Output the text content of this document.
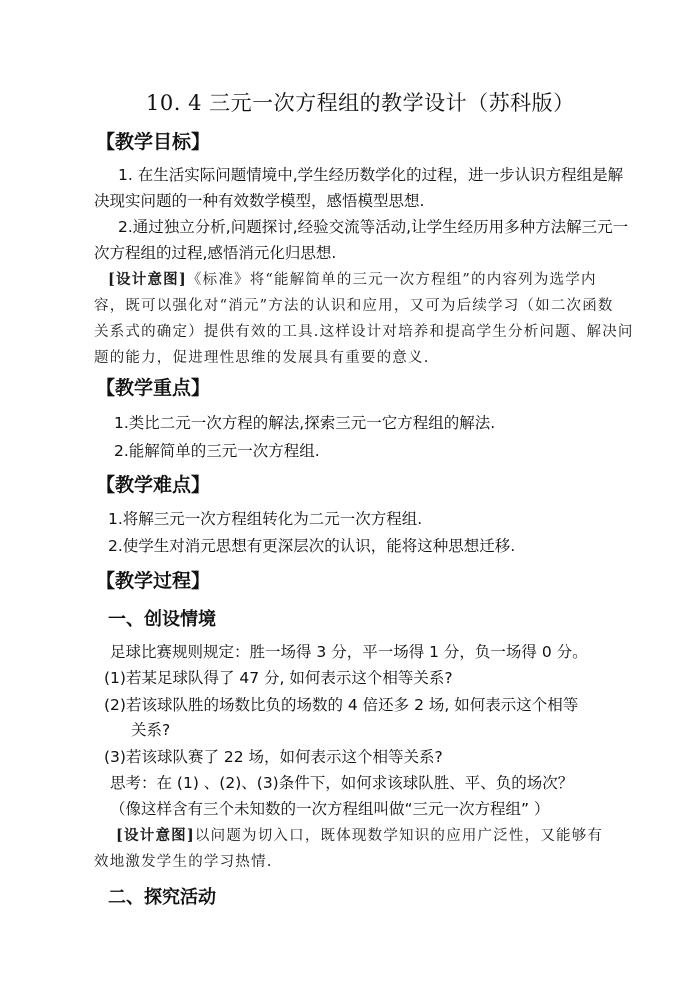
10. 4 三元一次方程组的教学设计（苏科版）
【教学目标】
1. 在生活实际问题情境中,学生经历数学化的过程，进一步认识方程组是解
决现实问题的一种有效数学模型，感悟模型思想.
2.通过独立分析,问题探讨,经验交流等活动,让学生经历用多种方法解三元一
次方程组的过程,感悟消元化归思想.
[设计意图]《标准》将“能解简单的三元一次方程组”的内容列为选学内
容，既可以强化对“消元”方法的认识和应用，又可为后续学习（如二次函数
关系式的确定）提供有效的工具.这样设计对培养和提高学生分析问题、解决问
题的能力，促进理性思维的发展具有重要的意义.
【教学重点】
1.类比二元一次方程的解法,探索三元一它方程组的解法.
2.能解简单的三元一次方程组.
【教学难点】
1.将解三元一次方程组转化为二元一次方程组.
2.使学生对消元思想有更深层次的认识，能将这种思想迁移.
【教学过程】
一、创设情境
足球比赛规则规定：胜一场得 3 分，平一场得 1 分，负一场得 0 分。
(1)若某足球队得了 47 分, 如何表示这个相等关系?
(2)若该球队胜的场数比负的场数的 4 倍还多 2 场, 如何表示这个相等
关系?
(3)若该球队赛了 22 场，如何表示这个相等关系?
思考：在 (1) 、(2)、(3)条件下，如何求该球队胜、平、负的场次？
（像这样含有三个未知数的一次方程组叫做“三元一次方程组” ）
[设计意图]以问题为切入口，既体现数学知识的应用广泛性，又能够有
效地激发学生的学习热情.
二、探究活动
